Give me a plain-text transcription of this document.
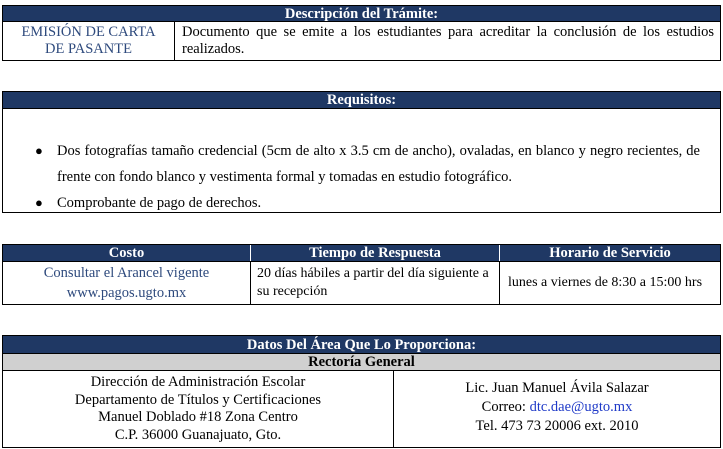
Descripción del Trámite:
EMISIÓN DE CARTA
DE PASANTE
Documento que se emite a los estudiantes para acreditar la conclusión de los estudios realizados.
Requisitos:
● Dos fotografías tamaño credencial (5cm de alto x 3.5 cm de ancho), ovaladas, en blanco y negro recientes, de frente con fondo blanco y vestimenta formal y tomadas en estudio fotográfico.
● Comprobante de pago de derechos.
Costo	Tiempo de Respuesta	Horario de Servicio
Consultar el Arancel vigente
www.pagos.ugto.mx
20 días hábiles a partir del día siguiente a su recepción
lunes a viernes de 8:30 a 15:00 hrs
Datos Del Área Que Lo Proporciona:
Rectoría General
Dirección de Administración Escolar
Departamento de Títulos y Certificaciones
Manuel Doblado #18 Zona Centro
C.P. 36000 Guanajuato, Gto.
Lic. Juan Manuel Ávila Salazar
Correo: dtc.dae@ugto.mx
Tel. 473 73 20006 ext. 2010
